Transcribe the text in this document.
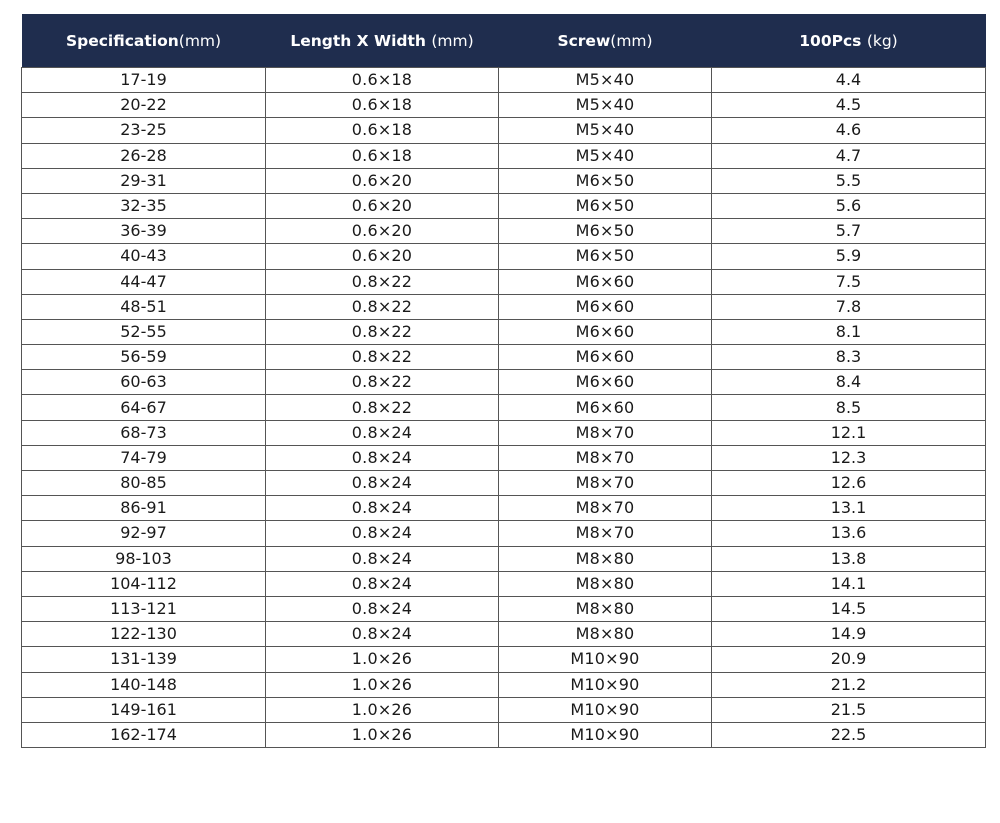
Specification(mm)	Length X Width (mm)	Screw(mm)	100Pcs (kg)
17-19	0.6×18	M5×40	4.4
20-22	0.6×18	M5×40	4.5
23-25	0.6×18	M5×40	4.6
26-28	0.6×18	M5×40	4.7
29-31	0.6×20	M6×50	5.5
32-35	0.6×20	M6×50	5.6
36-39	0.6×20	M6×50	5.7
40-43	0.6×20	M6×50	5.9
44-47	0.8×22	M6×60	7.5
48-51	0.8×22	M6×60	7.8
52-55	0.8×22	M6×60	8.1
56-59	0.8×22	M6×60	8.3
60-63	0.8×22	M6×60	8.4
64-67	0.8×22	M6×60	8.5
68-73	0.8×24	M8×70	12.1
74-79	0.8×24	M8×70	12.3
80-85	0.8×24	M8×70	12.6
86-91	0.8×24	M8×70	13.1
92-97	0.8×24	M8×70	13.6
98-103	0.8×24	M8×80	13.8
104-112	0.8×24	M8×80	14.1
113-121	0.8×24	M8×80	14.5
122-130	0.8×24	M8×80	14.9
131-139	1.0×26	M10×90	20.9
140-148	1.0×26	M10×90	21.2
149-161	1.0×26	M10×90	21.5
162-174	1.0×26	M10×90	22.5
